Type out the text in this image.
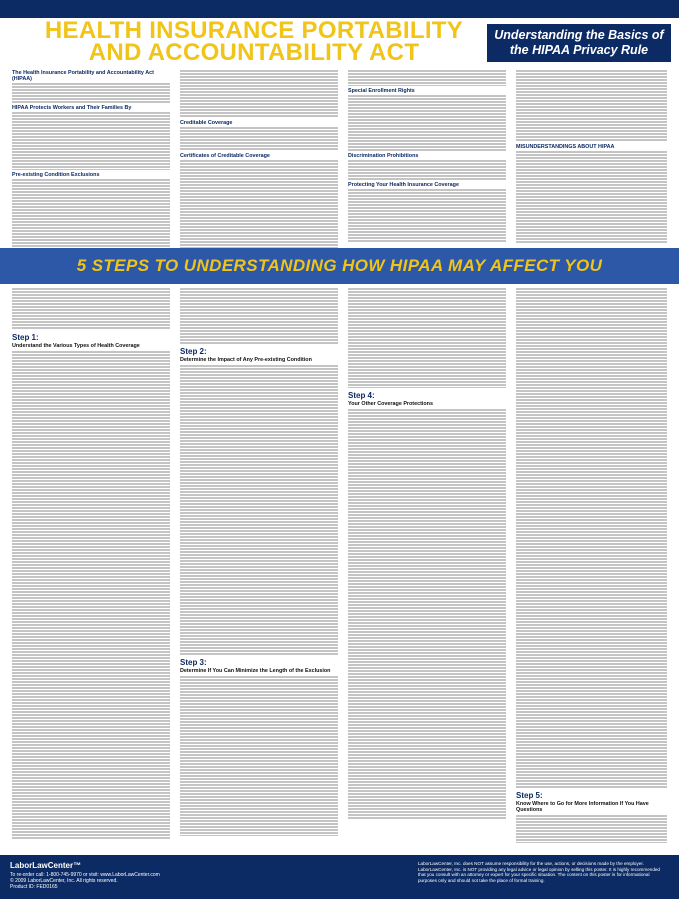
HEALTH INSURANCE PORTABILITY AND ACCOUNTABILITY ACT
Understanding the Basics of the HIPAA Privacy Rule
The Health Insurance Portability and Accountability Act (HIPAA)
HIPAA Protects Workers and Their Families By
Pre-existing Condition Exclusions
Creditable Coverage
Certificates of Creditable Coverage
Special Enrollment Rights
Discrimination Prohibitions
Protecting Your Health Insurance Coverage
MISUNDERSTANDINGS ABOUT HIPAA
5 STEPS TO UNDERSTANDING HOW HIPAA MAY AFFECT YOU
Step 1:
Understand the Various Types of Health Coverage
Step 2:
Determine the Impact of Any Pre-existing Condition
Step 3:
Determine If You Can Minimize the Length of the Exclusion
Step 4:
Your Other Coverage Protections
Step 5:
Know Where to Go for More Information If You Have Questions
LaborLawCenter™
To re-order call: 1-800-745-9970 or visit: www.LaborLawCenter.com
© 2009 LaborLawCenter, Inc. All rights reserved.
Product ID: FED0165
LaborLawCenter, Inc. does NOT assume responsibility for the use, actions, or decisions made by the employer. LaborLawCenter, Inc. is NOT providing any legal advice or legal opinion by selling this poster. It is highly recommended that you consult with an attorney or expert for your specific situation. The content on this poster is for informational purposes only and should not take the place of formal training.
